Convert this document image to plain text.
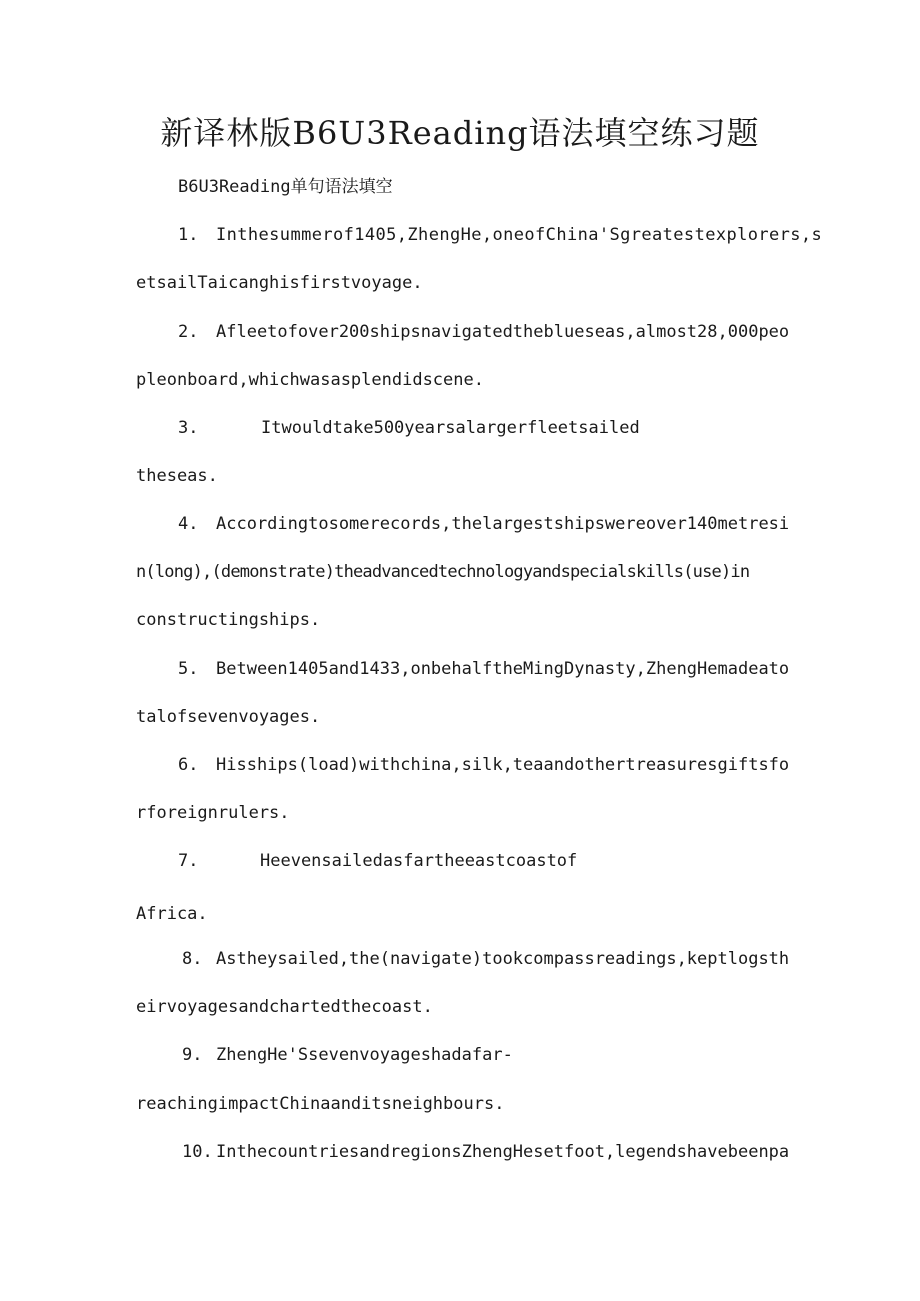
新译林版B6U3Reading语法填空练习题

B6U3Reading单句语法填空

1. Inthesummerof1405,ZhengHe,oneofChina'Sgreatestexplorers,s
etsailTaicanghisfirstvoyage.
2. Afleetofover200shipsnavigatedtheblueseas,almost28,000peo
pleonboard,whichwasasplendidscene.
3.	Itwouldtake500yearsalargerfleetsailed
theseas.
4. Accordingtosomerecords,thelargestshipswereover140metresi
n(long),(demonstrate)theadvancedtechnologyandspecialskills(use)in
constructingships.
5. Between1405and1433,onbehalftheMingDynasty,ZhengHemadeato
talofsevenvoyages.
6. Hisships(load)withchina,silk,teaandothertreasuresgiftsfo
rforeignrulers.
7.	Heevensailedasfartheeastcoastof
Africa.
8. Astheysailed,the(navigate)tookcompassreadings,keptlogsth
eirvoyagesandchartedthecoast.
9. ZhengHe'Ssevenvoyageshadafar-
reachingimpactChinaanditsneighbours.
10. InthecountriesandregionsZhengHesetfoot,legendshavebeenpa
